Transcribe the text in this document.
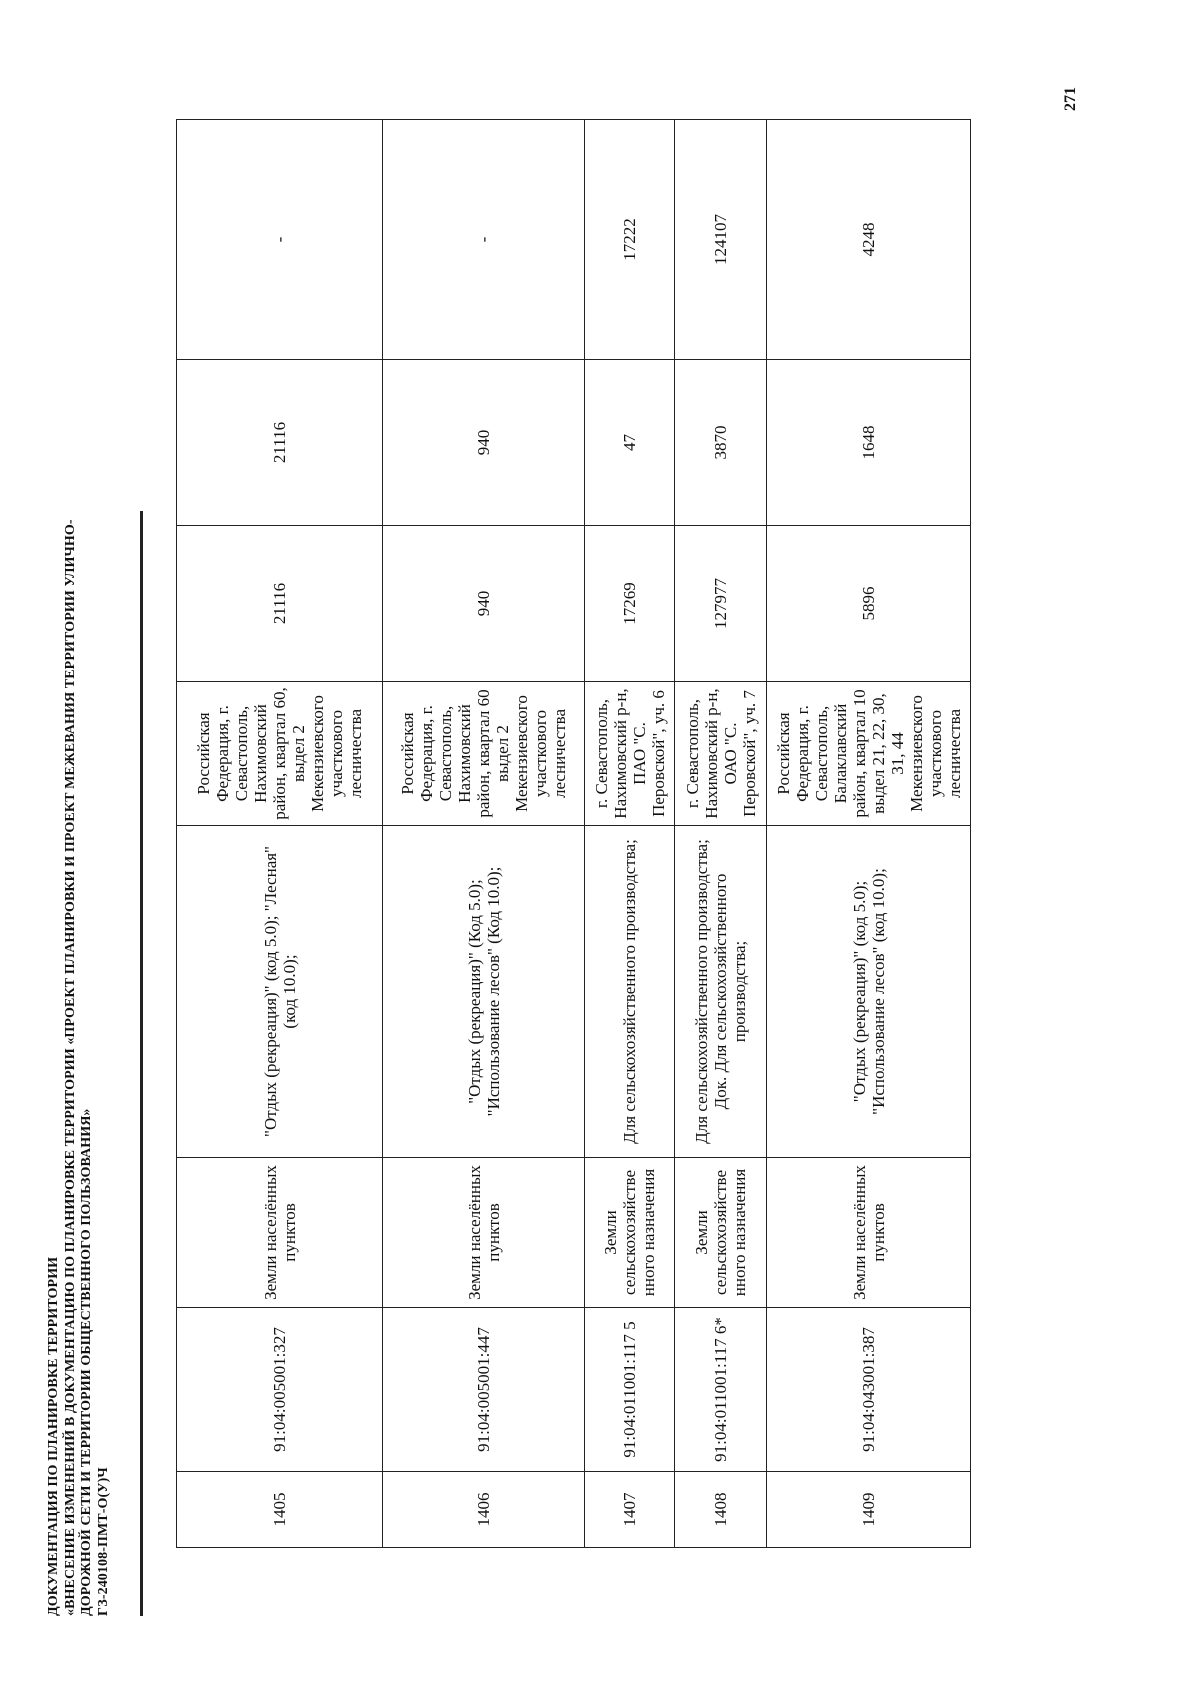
ДОКУМЕНТАЦИЯ ПО ПЛАНИРОВКЕ ТЕРРИТОРИИ «ВНЕСЕНИЕ ИЗМЕНЕНИЙ В ДОКУМЕНТАЦИЮ ПО ПЛАНИРОВКЕ ТЕРРИТОРИИ «ПРОЕКТ ПЛАНИРОВКИ И ПРОЕКТ МЕЖЕВАНИЯ ТЕРРИТОРИИ УЛИЧНО- ДОРОЖНОЙ СЕТИ И ТЕРРИТОРИИ ОБЩЕСТВЕННОГО ПОЛЬЗОВАНИЯ» ГЗ-240108-ПМТ-О(У)Ч
271
1405	91:04:005001:327	Земли населённых пунктов	"Отдых (рекреация)" (код 5.0); "Лесная" (код 10.0);	Российская Федерация, г. Севастополь, Нахимовский район, квартал 60, выдел 2 Мекензиевского участкового лесничества	21116	21116	-
1406	91:04:005001:447	Земли населённых пунктов	"Отдых (рекреация)" (Код 5.0); "Использование лесов" (Код 10.0);	Российская Федерация, г. Севастополь, Нахимовский район, квартал 60 выдел 2 Мекензиевского участкового лесничества	940	940	-
1407	91:04:011001:117 5	Земли сельскохозяйстве нного назначения	Для сельскохозяйственного производства;	г. Севастополь, Нахимовский р-н, ПАО "С. Перовской", уч. 6	17269	47	17222
1408	91:04:011001:117 6*	Земли сельскохозяйстве нного назначения	Для сельскохозяйственного производства; Док. Для сельскохозяйственного производства;	г. Севастополь, Нахимовский р-н, ОАО "С. Перовской", уч. 7	127977	3870	124107
1409	91:04:043001:387	Земли населённых пунктов	"Отдых (рекреация)" (код 5.0); "Использование лесов" (код 10.0);	Российская Федерация, г. Севастополь, Балаклавский район, квартал 10 выдел 21, 22, 30, 31, 44 Мекензиевского участкового лесничества	5896	1648	4248
